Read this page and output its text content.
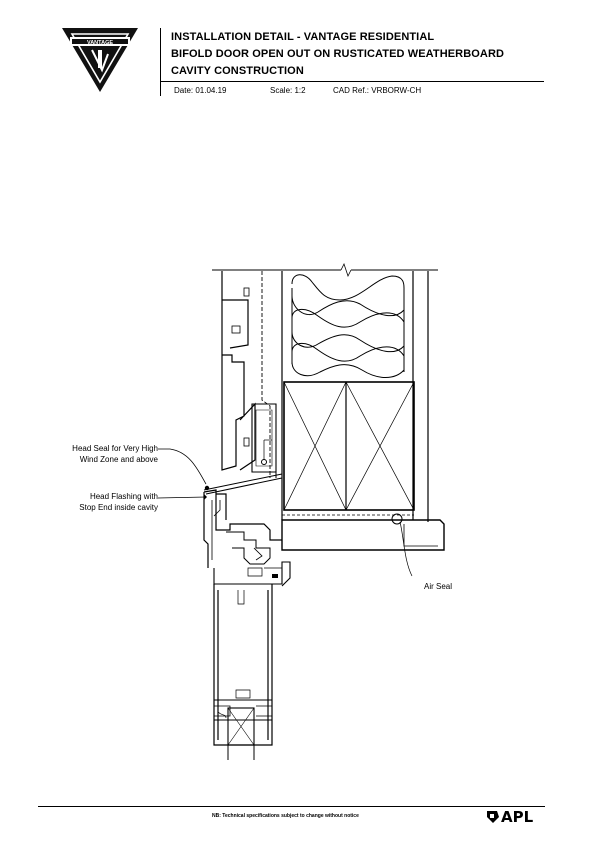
VANTAGE	INSTALLATION DETAIL - VANTAGE RESIDENTIAL
BIFOLD DOOR OPEN OUT ON RUSTICATED WEATHERBOARD
CAVITY CONSTRUCTION
Date: 01.04.19	Scale: 1:2	CAD Ref.: VRBORW-CH
Head Seal for Very High
Wind Zone and above
Head Flashing with
Stop End inside cavity
Air Seal
NB: Technical specifications subject to change without notice	APL
